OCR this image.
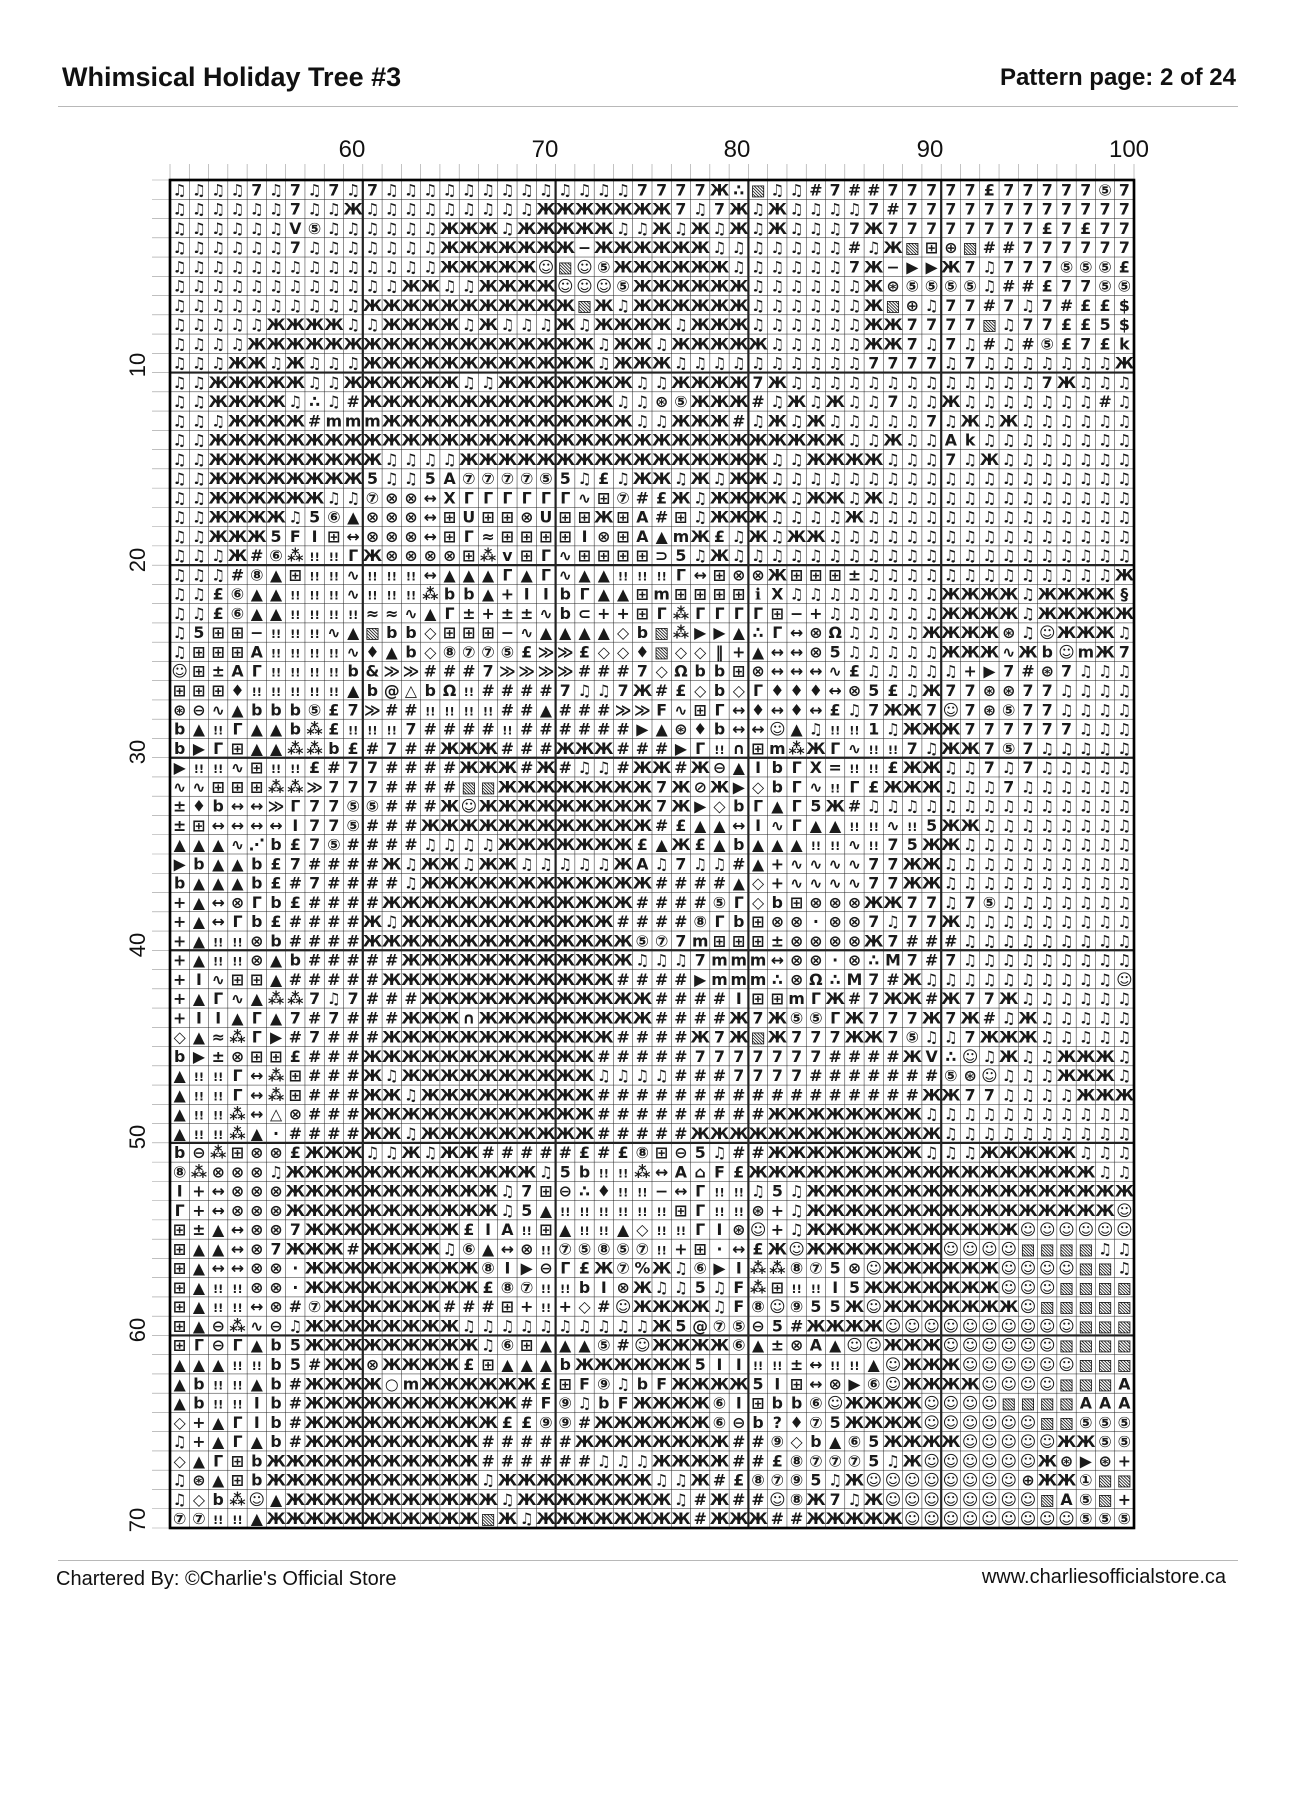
Whimsical Holiday Tree #3	Pattern page: 2 of 24
60	70	80	90	100
10
20
30
40
50
60
70
♫ ♫ ♫ ♫ 7 ♫ 7 ♫ 7 ♫ 7 ♫ ♫ ♫ ♫ ♫ ♫ ♫ ♫ ♫ ♫ ♫ ♫ ♫ 7 7 7 7 Ж ∴ ▧ ♫ ♫ # 7 # # 7 7 7 7 7 £ 7 7 7 7 7 ⑤ 7
♫ ♫ ♫ ♫ ♫ ♫ 7 ♫ ♫ Ж ♫ ♫ ♫ ♫ ♫ ♫ ♫ ♫ ♫ Ж Ж Ж Ж Ж Ж Ж 7 ♫ 7 Ж ♫ Ж ♫ ♫ ♫ ♫ 7 # 7 7 7 7 7 7 7 7 7 7 7 7
♫ ♫ ♫ ♫ ♫ ♫ V ⑤ ♫ ♫ ♫ ♫ ♫ ♫ Ж Ж Ж ♫ Ж Ж Ж Ж Ж ♫ ♫ Ж ♫ Ж ♫ Ж ♫ Ж ♫ ♫ ♫ 7 Ж 7 7 7 7 7 7 7 7 £ 7 £ 7 7
♫ ♫ ♫ ♫ ♫ ♫ 7 ♫ ♫ ♫ ♫ ♫ ♫ ♫ Ж Ж Ж Ж Ж Ж Ж − Ж Ж Ж Ж Ж Ж ♫ ♫ ♫ ♫ ♫ ♫ ♫ # ♫ Ж ▧ ⊞ ⊕ ▧ # # 7 7 7 7 7 7
♫ ♫ ♫ ♫ ♫ ♫ ♫ ♫ ♫ ♫ ♫ ♫ ♫ ♫ Ж Ж Ж Ж Ж ☺ ▧ ☺ ⑤ Ж Ж Ж Ж Ж Ж ♫ ♫ ♫ ♫ ♫ ♫ 7 Ж − ▶ ▶ Ж 7 ♫ 7 7 7 ⑤ ⑤ ⑤ £
♫ ♫ ♫ ♫ ♫ ♫ ♫ ♫ ♫ ♫ ♫ ♫ Ж Ж ♫ ♫ Ж Ж Ж Ж ☺ ☺ ☺ ⑤ Ж Ж Ж Ж Ж Ж ♫ ♫ ♫ ♫ ♫ ♫ Ж ⊛ ⑤ ⑤ ⑤ ⑤ ♫ # # £ 7 7 ⑤ ⑤
♫ ♫ ♫ ♫ ♫ ♫ ♫ ♫ ♫ ♫ Ж Ж Ж Ж Ж Ж Ж Ж Ж Ж Ж ▧ Ж ♫ Ж Ж Ж Ж Ж Ж ♫ ♫ ♫ ♫ ♫ ♫ Ж ▧ ⊕ ♫ 7 7 # 7 ♫ 7 # £ £ $
♫ ♫ ♫ ♫ ♫ Ж Ж Ж Ж ♫ ♫ Ж Ж Ж Ж ♫ Ж ♫ ♫ ♫ Ж ♫ Ж Ж Ж Ж ♫ Ж Ж Ж ♫ ♫ ♫ ♫ ♫ ♫ Ж Ж 7 7 7 7 ▧ ♫ 7 7 £ £ 5 $
♫ ♫ ♫ ♫ Ж Ж Ж Ж Ж Ж Ж Ж Ж Ж Ж Ж Ж Ж Ж Ж Ж Ж ♫ Ж Ж ♫ Ж Ж Ж Ж Ж ♫ ♫ ♫ ♫ ♫ Ж Ж 7 ♫ 7 ♫ # ♫ # ⑤ £ 7 £ k
♫ ♫ ♫ Ж Ж ♫ Ж ♫ ♫ ♫ Ж Ж Ж Ж Ж Ж Ж Ж Ж Ж Ж Ж ♫ Ж Ж Ж ♫ ♫ ♫ ♫ ♫ ♫ ♫ ♫ ♫ ♫ 7 7 7 7 ♫ 7 ♫ ♫ ♫ ♫ ♫ ♫ ♫ Ж
♫ ♫ Ж Ж Ж Ж Ж ♫ ♫ Ж Ж Ж Ж Ж Ж ♫ ♫ Ж Ж Ж Ж Ж Ж Ж ♫ ♫ Ж Ж Ж Ж 7 Ж ♫ ♫ ♫ ♫ ♫ ♫ ♫ ♫ ♫ ♫ ♫ ♫ ♫ 7 Ж ♫ ♫ ♫
♫ ♫ Ж Ж Ж Ж ♫ ∴ ♫ # Ж Ж Ж Ж Ж Ж Ж Ж Ж Ж Ж Ж Ж ♫ ♫ ⊛ ⑤ Ж Ж Ж # ♫ Ж ♫ Ж ♫ ♫ 7 ♫ ♫ Ж ♫ ♫ ♫ ♫ ♫ ♫ ♫ # ♫
♫ ♫ ♫ Ж Ж Ж Ж # m m m Ж Ж Ж Ж Ж Ж Ж Ж Ж Ж Ж Ж Ж ♫ ♫ Ж Ж Ж # ♫ Ж ♫ Ж ♫ ♫ ♫ ♫ ♫ 7 ♫ Ж ♫ Ж ♫ ♫ ♫ ♫ ♫ ♫
♫ ♫ Ж Ж Ж Ж Ж Ж Ж Ж Ж Ж Ж Ж Ж Ж Ж Ж Ж Ж Ж Ж Ж Ж Ж Ж Ж Ж Ж Ж Ж Ж Ж Ж Ж ♫ ♫ Ж ♫ ♫ A k ♫ ♫ ♫ ♫ ♫ ♫ ♫ ♫
♫ ♫ Ж Ж Ж Ж Ж Ж Ж Ж Ж ♫ ♫ ♫ ♫ Ж Ж Ж Ж Ж Ж Ж Ж Ж Ж Ж Ж Ж Ж Ж Ж ♫ ♫ Ж Ж Ж Ж ♫ ♫ ♫ 7 ♫ Ж ♫ ♫ ♫ ♫ ♫ ♫ ♫
♫ ♫ Ж Ж Ж Ж Ж Ж Ж Ж 5 ♫ ♫ 5 A ⑦ ⑦ ⑦ ⑦ ⑤ 5 ♫ £ ♫ Ж Ж ♫ Ж ♫ Ж Ж ♫ ♫ ♫ ♫ ♫ ♫ ♫ ♫ ♫ ♫ ♫ ♫ ♫ ♫ ♫ ♫ ♫ ♫ ♫
♫ ♫ Ж Ж Ж Ж Ж Ж ♫ ♫ ⑦ ⊗ ⊗ ↔ X Γ Γ Γ Γ Γ Γ ∿ ⊞ ⑦ # £ Ж ♫ Ж Ж Ж Ж ♫ Ж Ж ♫ Ж ♫ ♫ ♫ ♫ ♫ ♫ ♫ ♫ ♫ ♫ ♫ ♫ ♫
♫ ♫ Ж Ж Ж Ж ♫ 5 ⑥ ▲ ⊗ ⊗ ⊗ ↔ ⊞ U ⊞ ⊞ ⊗ U ⊞ ⊞ Ж ⊞ A # ⊞ ♫ Ж Ж Ж ♫ ♫ ♫ ♫ Ж ♫ ♫ ♫ ♫ ♫ ♫ ♫ ♫ ♫ ♫ ♫ ♫ ♫ ♫
♫ ♫ Ж Ж Ж 5 F I ⊞ ↔ ⊗ ⊗ ⊗ ↔ ⊞ Γ ≈ ⊞ ⊞ ⊞ ⊞ I ⊗ ⊞ A ▲ m Ж £ ♫ Ж ♫ Ж Ж ♫ ♫ ♫ ♫ ♫ ♫ ♫ ♫ ♫ ♫ ♫ ♫ ♫ ♫ ♫ ♫
♫ ♫ ♫ Ж # ⑥ ⁂ !! !! Γ Ж ⊗ ⊗ ⊗ ⊗ ⊞ ⁂ v ⊞ Γ ∿ ⊞ ⊞ ⊞ ⊞ ⊃ 5 ♫ Ж ♫ ♫ ♫ ♫ ♫ ♫ ♫ ♫ ♫ ♫ ♫ ♫ ♫ ♫ ♫ ♫ ♫ ♫ ♫ ♫ ♫
♫ ♫ ♫ # ⑧ ▲ ⊞ !! !! ∿ !! !! !! ↔ ▲ ▲ ▲ Γ ▲ Γ ∿ ▲ ▲ !! !! !! Γ ↔ ⊞ ⊗ ⊗ Ж ⊞ ⊞ ⊞ ± ♫ ♫ ♫ ♫ ♫ ♫ ♫ ♫ ♫ ♫ ♫ ♫ ♫ Ж
♫ ♫ £ ⑥ ▲ ▲ !! !! !! ∿ !! !! !! ⁂ b b ▲ + I I b Γ ▲ ▲ ⊞ m ⊞ ⊞ ⊞ ⊞ ℹ X ♫ ♫ ♫ ♫ ♫ ♫ ♫ ♫ Ж Ж Ж Ж ♫ Ж Ж Ж Ж §
♫ ♫ £ ⑥ ▲ ▲ !! !! !! !! ≈ ≈ ∿ ▲ Γ ± + ± ± ∿ b ⊂ + + ⊞ Γ ⁂ Γ Γ Γ Γ ⊞ − + ♫ ♫ ♫ ♫ ♫ ♫ Ж Ж Ж Ж ♫ Ж Ж Ж Ж Ж
♫ 5 ⊞ ⊞ − !! !! !! ∿ ▲ ▧ b b ◇ ⊞ ⊞ ⊞ − ∿ ▲ ▲ ▲ ▲ ◇ b ▧ ⁂ ▶ ▶ ▲ ∴ Γ ↔ ⊗ Ω ♫ ♫ ♫ ♫ Ж Ж Ж Ж ⊛ ♫ ☺ Ж Ж Ж ♫
♫ ⊞ ⊞ ⊞ A !! !! !! !! ∿ ♦ ▲ b ◇ ⑧ ⑦ ⑦ ⑤ £ ≫ ≫ £ ◇ ◇ ♦ ▧ ◇ ◇ ‖ + ▲ ↔ ↔ ⊗ 5 ♫ ♫ ♫ ♫ ♫ Ж Ж Ж ∿ Ж b ☺ m Ж 7
☺ ⊞ ± A Γ !! !! !! !! b & ≫ ≫ # # # 7 ≫ ≫ ≫ ≫ # # # 7 ◇ Ω b b ⊞ ⊗ ↔ ↔ ↔ ∿ £ ♫ ♫ ♫ ♫ ♫ + ▶ 7 # ⊛ 7 ♫ ♫ ♫
⊞ ⊞ ⊞ ♦ !! !! !! !! !! ▲ b @ △ b Ω !! # # # # 7 ♫ ♫ 7 Ж # £ ◇ b ◇ Γ ♦ ♦ ♦ ↔ ⊗ 5 £ ♫ Ж 7 7 ⊛ ⊛ 7 7 ♫ ♫ ♫ ♫
⊛ ⊖ ∿ ▲ b b b ⑤ £ 7 ≫ # # !! !! !! !! # # ▲ # # # ≫ ≫ F ∿ ⊞ Γ ↔ ♦ ↔ ♦ ↔ £ ♫ 7 Ж Ж 7 ☺ 7 ⊛ ⑤ 7 7 ♫ ♫ ♫ ♫
b ▲ !! Γ ▲ ▲ b ⁂ £ !! !! !! 7 # # # # !! # # # # # # ▶ ▲ ⊛ ♦ b ↔ ↔ ☺ ▲ ♫ !! !! 1 ♫ Ж Ж Ж 7 7 7 7 7 7 ♫ ♫ ♫
b ▶ Γ ⊞ ▲ ▲ ⁂ ⁂ b £ # 7 # # Ж Ж Ж # # # Ж Ж Ж # # # ▶ Γ !! ∩ ⊞ m ⁂ Ж Γ ∿ !! !! 7 ♫ Ж Ж 7 ⑤ 7 ♫ ♫ ♫ ♫ ♫
▶ !! !! ∿ ⊞ !! !! £ # 7 7 # # # # Ж Ж Ж # Ж # ♫ ♫ # Ж Ж # Ж ⊖ ▲ I b Γ X = !! !! £ Ж Ж ♫ ♫ 7 ♫ 7 ♫ ♫ ♫ ♫ ♫
∿ ∿ ⊞ ⊞ ⊞ ⁂ ⁂ ≫ 7 7 7 # # # # ▧ ▧ Ж Ж Ж Ж Ж Ж Ж Ж 7 Ж ⊘ Ж ▶ ◇ b Γ ∿ !! Γ £ Ж Ж Ж ♫ ♫ ♫ 7 ♫ ♫ ♫ ♫ ♫ ♫
± ♦ b ↔ ↔ ≫ Γ 7 7 ⑤ ⑤ # # # Ж ☺ Ж Ж Ж Ж Ж Ж Ж Ж Ж 7 Ж ▶ ◇ b Γ ▲ Γ 5 Ж # ♫ ♫ ♫ ♫ ♫ ♫ ♫ ♫ ♫ ♫ ♫ ♫ ♫ ♫
± ⊞ ↔ ↔ ↔ ↔ I 7 7 ⑤ # # # Ж Ж Ж Ж Ж Ж Ж Ж Ж Ж Ж Ж # £ ▲ ▲ ↔ I ∿ Γ ▲ ▲ !! !! ∿ !! 5 Ж Ж ♫ ♫ ♫ ♫ ♫ ♫ ♫ ♫
▲ ▲ ▲ ∿ ⋰ b £ 7 ⑤ # # # # ♫ ♫ ♫ ♫ Ж Ж Ж Ж Ж Ж Ж £ ▲ Ж £ ▲ b ▲ ▲ ▲ !! !! ∿ !! 7 5 Ж Ж ♫ ♫ ♫ ♫ ♫ ♫ ♫ ♫ ♫
▶ b ▲ ▲ b £ 7 # # # # Ж ♫ Ж Ж ♫ Ж Ж ♫ ♫ ♫ ♫ ♫ Ж A ♫ 7 ♫ ♫ # ▲ + ∿ ∿ ∿ ∿ 7 7 Ж Ж ♫ ♫ ♫ ♫ ♫ ♫ ♫ ♫ ♫ ♫
b ▲ ▲ ▲ b £ # 7 # # # # ♫ Ж Ж Ж Ж Ж Ж Ж Ж Ж Ж Ж Ж # # # # ▲ ◇ + ∿ ∿ ∿ ∿ 7 7 Ж Ж ♫ ♫ ♫ ♫ ♫ ♫ ♫ ♫ ♫ ♫
+ ▲ ↔ ⊗ Γ b £ # # # # Ж Ж Ж Ж Ж Ж Ж Ж Ж Ж Ж Ж Ж # # # # ⑤ Γ ◇ b ⊞ ⊗ ⊗ ⊗ Ж Ж 7 7 ♫ 7 ⑤ ♫ ♫ ♫ ♫ ♫ ♫ ♫
+ ▲ ↔ Γ b £ # # # # Ж ♫ Ж Ж Ж Ж Ж Ж Ж Ж Ж Ж Ж # # # # ⑧ Γ b ⊞ ⊗ ⊗ · ⊗ ⊗ 7 ♫ 7 7 Ж ♫ ♫ ♫ ♫ ♫ ♫ ♫ ♫ ♫
+ ▲ !! !! ⊗ b # # # # Ж Ж Ж Ж Ж Ж Ж Ж Ж Ж Ж Ж Ж Ж ⑤ ⑦ 7 m ⊞ ⊞ ⊞ ± ⊗ ⊗ ⊗ ⊗ Ж 7 # # # ♫ ♫ ♫ ♫ ♫ ♫ ♫ ♫ ♫
+ ▲ !! !! ⊗ ▲ b # # # # # Ж Ж Ж Ж Ж Ж Ж Ж Ж Ж Ж Ж ♫ ♫ ♫ 7 m m m ↔ ⊗ ⊗ · ⊗ ∴ M 7 # 7 ♫ ♫ ♫ ♫ ♫ ♫ ♫ ♫ ♫
+ I ∿ ⊞ ⊞ ▲ # # # # # Ж Ж Ж Ж Ж Ж Ж Ж Ж Ж Ж Ж # # # # ▶ m m m ∴ ⊗ Ω ∴ M 7 # Ж ♫ ♫ ♫ ♫ ♫ ♫ ♫ ♫ ♫ ♫ ☺
+ ▲ Γ ∿ ▲ ⁂ ⁂ 7 ♫ 7 # # # Ж Ж Ж Ж Ж Ж Ж Ж Ж Ж Ж Ж # # # # I ⊞ ⊞ m Γ Ж # 7 Ж Ж # Ж 7 7 Ж ♫ ♫ ♫ ♫ ♫ ♫
+ I I ▲ Γ ▲ 7 # 7 # # # Ж Ж Ж ∩ Ж Ж Ж Ж Ж Ж Ж Ж Ж # # # # Ж 7 Ж ⑤ ⑤ Γ Ж 7 7 7 Ж 7 Ж # ♫ Ж ♫ ♫ ♫ ♫ ♫
◇ ▲ ≈ ⁂ Γ ▶ # 7 # # # Ж Ж Ж Ж Ж Ж Ж Ж Ж Ж Ж Ж # # # # Ж 7 Ж ▧ Ж 7 7 7 Ж Ж 7 ⑤ ♫ ♫ 7 Ж Ж Ж ♫ ♫ ♫ ♫ ♫
b ▶ ± ⊗ ⊞ ⊞ £ # # # Ж Ж Ж Ж Ж Ж Ж Ж Ж Ж Ж Ж # # # # # 7 7 7 7 7 7 7 # # # # Ж V ∴ ☺ ♫ Ж ♫ ♫ Ж Ж Ж ♫
▲ !! !! Γ ↔ ⁂ ⊞ # # # Ж ♫ Ж Ж Ж Ж Ж Ж Ж Ж Ж Ж ♫ ♫ ♫ ♫ # # # 7 7 7 7 # # # # # # # ⑤ ⊛ ☺ ♫ ♫ ♫ Ж Ж Ж ♫
▲ !! !! Γ ↔ ⁂ ⊞ # # # Ж Ж ♫ Ж Ж Ж Ж Ж Ж Ж Ж Ж # # # # # # # # # # # # # # # # # Ж Ж 7 7 ♫ ♫ ♫ ♫ Ж Ж Ж
▲ !! !! ⁂ ↔ △ ⊗ # # # Ж Ж Ж Ж Ж Ж Ж Ж Ж Ж Ж Ж # # # # # # # # # Ж Ж Ж Ж Ж Ж Ж Ж ♫ ♫ ♫ ♫ ♫ ♫ ♫ ♫ ♫ ♫ ♫
▲ !! !! ⁂ ▲ · # # # # Ж Ж ♫ Ж Ж Ж Ж Ж Ж Ж Ж Ж # # # # # Ж Ж Ж Ж Ж Ж Ж Ж Ж Ж Ж Ж Ж ♫ ♫ ♫ ♫ ♫ ♫ ♫ ♫ ♫ ♫
b ⊖ ⁂ ⊞ ⊗ ⊗ £ Ж Ж Ж ♫ ♫ Ж ♫ Ж Ж # # # # # £ # £ ⑧ ⊞ ⊖ 5 ♫ # # Ж Ж Ж Ж Ж Ж Ж Ж ♫ ♫ ♫ Ж Ж Ж Ж Ж ♫ ♫ ♫
⑧ ⁂ ⊗ ⊗ ⊗ ♫ Ж Ж Ж Ж Ж Ж Ж Ж Ж Ж Ж Ж Ж ♫ 5 b !! !! ⁂ ↔ A ⌂ F £ Ж Ж Ж Ж Ж Ж Ж Ж Ж Ж Ж Ж Ж Ж Ж Ж Ж Ж ♫ ♫
I + ↔ ⊗ ⊗ ⊗ Ж Ж Ж Ж Ж Ж Ж Ж Ж Ж Ж ♫ 7 ⊞ ⊖ ∴ ♦ !! !! − ↔ Γ !! !! ♫ 5 ♫ Ж Ж Ж Ж Ж Ж Ж Ж Ж Ж Ж Ж Ж Ж Ж Ж Ж
Γ + ↔ ⊗ ⊗ ⊗ Ж Ж Ж Ж Ж Ж Ж Ж Ж Ж Ж ♫ 5 ▲ !! !! !! !! !! !! ⊞ Γ !! !! ⊛ + ♫ Ж Ж Ж Ж Ж Ж Ж Ж Ж Ж Ж Ж Ж Ж Ж Ж ☺
⊞ ± ▲ ↔ ⊗ ⊗ 7 Ж Ж Ж Ж Ж Ж Ж Ж £ I A !! ⊞ ▲ !! !! ▲ ◇ !! !! Γ I ⊛ ☺ + ♫ Ж Ж Ж Ж Ж Ж Ж Ж Ж Ж Ж ☺ ☺ ☺ ☺ ☺ ☺
⊞ ▲ ▲ ↔ ⊗ 7 Ж Ж Ж # Ж Ж Ж Ж ♫ ⑥ ▲ ↔ ⊗ !! ⑦ ⑤ ⑧ ⑤ ⑦ !! + ⊞ · ↔ £ Ж ☺ Ж Ж Ж Ж Ж Ж Ж ☺ ☺ ☺ ☺ ▧ ▧ ▧ ▧ ♫ ♫
⊞ ▲ ↔ ↔ ⊗ ⊗ · Ж Ж Ж Ж Ж Ж Ж Ж Ж ⑧ I ▶ ⊖ Γ £ Ж ⑦ % Ж ♫ ⑥ ▶ I ⁂ ⁂ ⑧ ⑦ 5 ⊗ ☺ Ж Ж Ж Ж Ж Ж ☺ ☺ ☺ ☺ ▧ ▧ ♫
⊞ ▲ !! !! ⊗ ⊗ · Ж Ж Ж Ж Ж Ж Ж Ж Ж £ ⑧ ⑦ !! !! b I ⊗ Ж ♫ ♫ 5 ♫ F ⁂ ⊞ !! !! I 5 Ж Ж Ж Ж Ж Ж Ж ☺ ☺ ☺ ▧ ▧ ▧ ▧
⊞ ▲ !! !! ↔ ⊗ # ⑦ Ж Ж Ж Ж Ж Ж # # # ⊞ + !! + ◇ # ☺ Ж Ж Ж Ж ♫ F ⑧ ☺ ⑨ 5 5 Ж ☺ Ж Ж Ж Ж Ж Ж Ж ☺ ▧ ▧ ▧ ▧ ▧
⊞ ▲ ⊖ ⁂ ∿ ⊖ ♫ Ж Ж Ж Ж Ж Ж Ж Ж ♫ ♫ ♫ ♫ ♫ ♫ ♫ ♫ ♫ ♫ Ж 5 @ ⑦ ⑤ ⊖ 5 # Ж Ж Ж Ж ☺ ☺ ☺ ☺ ☺ ☺ ☺ ☺ ☺ ☺ ▧ ▧ ▧
⊞ Γ ⊖ Γ ▲ b 5 Ж Ж Ж Ж Ж Ж Ж Ж Ж ♫ ⑥ ⊞ ▲ ▲ ▲ ⑤ # ☺ Ж Ж Ж Ж ⑥ ▲ ± ⊗ A ▲ ☺ ☺ Ж Ж Ж ☺ ☺ ☺ ☺ ☺ ☺ ▧ ▧ ▧ ▧
▲ ▲ ▲ !! !! b 5 # Ж Ж ⊗ Ж Ж Ж Ж £ ⊞ ▲ ▲ ▲ b Ж Ж Ж Ж Ж Ж 5 I I !! !! ± ↔ !! !! ▲ ☺ Ж Ж Ж ☺ ☺ ☺ ☺ ☺ ☺ ▧ ▧ ▧
▲ b !! !! ▲ b # Ж Ж Ж Ж ○ m Ж Ж Ж Ж Ж Ж £ ⊞ F ⑨ ♫ b F Ж Ж Ж Ж 5 I ⊞ ↔ ⊗ ▶ ⑥ ☺ Ж Ж Ж Ж ☺ ☺ ☺ ☺ ▧ ▧ ▧ A
▲ b !! !! I b # Ж Ж Ж Ж Ж Ж Ж Ж Ж Ж Ж # F ⑨ ♫ b F Ж Ж Ж Ж ⑥ I ⊞ b b ⑥ ☺ Ж Ж Ж Ж ☺ ☺ ☺ ☺ ▧ ▧ ▧ ▧ A A A
◇ + ▲ Γ I b # Ж Ж Ж Ж Ж Ж Ж Ж Ж Ж £ £ ⑨ ⑨ # Ж Ж Ж Ж Ж Ж ⑥ ⊖ b ? ♦ ⑦ 5 Ж Ж Ж Ж ☺ ☺ ☺ ☺ ☺ ☺ ▧ ▧ ⑤ ⑤ ⑤
♫ + ▲ Γ ▲ b # Ж Ж Ж Ж Ж Ж Ж Ж Ж # # # # # Ж Ж Ж Ж Ж Ж Ж Ж # # ⑨ ◇ b ▲ ⑥ 5 Ж Ж Ж Ж ☺ ☺ ☺ ☺ ☺ Ж Ж ⑤ ⑤
◇ ▲ Γ ⊞ b Ж Ж Ж Ж Ж Ж Ж Ж Ж Ж Ж # # # # # # ♫ ♫ ♫ Ж Ж Ж Ж # # £ ⑧ ⑦ ⑦ ⑦ 5 ♫ Ж ☺ ☺ ☺ ☺ ☺ ☺ Ж ⊛ ▶ ⊛ +
♫ ⊛ ▲ ⊞ b Ж Ж Ж Ж Ж Ж Ж Ж Ж Ж Ж ♫ Ж Ж Ж Ж Ж Ж Ж Ж ♫ ♫ Ж # £ ⑧ ⑦ ⑨ 5 ♫ Ж ☺ ☺ ☺ ☺ ☺ ☺ ☺ ☺ ⊕ Ж Ж ① ▧ ▧
♫ ◇ b ⁂ ☺ ▲ Ж Ж Ж Ж Ж Ж Ж Ж Ж Ж Ж ♫ Ж Ж Ж Ж Ж Ж Ж Ж ♫ # Ж # # ☺ ⑧ Ж 7 ♫ Ж ☺ ☺ ☺ ☺ ☺ ☺ ☺ ☺ ▧ A ⑤ ▧ +
⑦ ⑦ !! !! ▲ Ж Ж Ж Ж Ж Ж Ж Ж Ж Ж Ж ▧ Ж ♫ Ж Ж Ж Ж Ж Ж Ж Ж # Ж Ж Ж # # Ж Ж Ж Ж Ж ☺ ☺ ☺ ☺ ☺ ☺ ☺ ☺ ☺ ⑤ ⑤ ⑤
Chartered By: ©Charlie's Official Store	www.charliesofficialstore.ca
